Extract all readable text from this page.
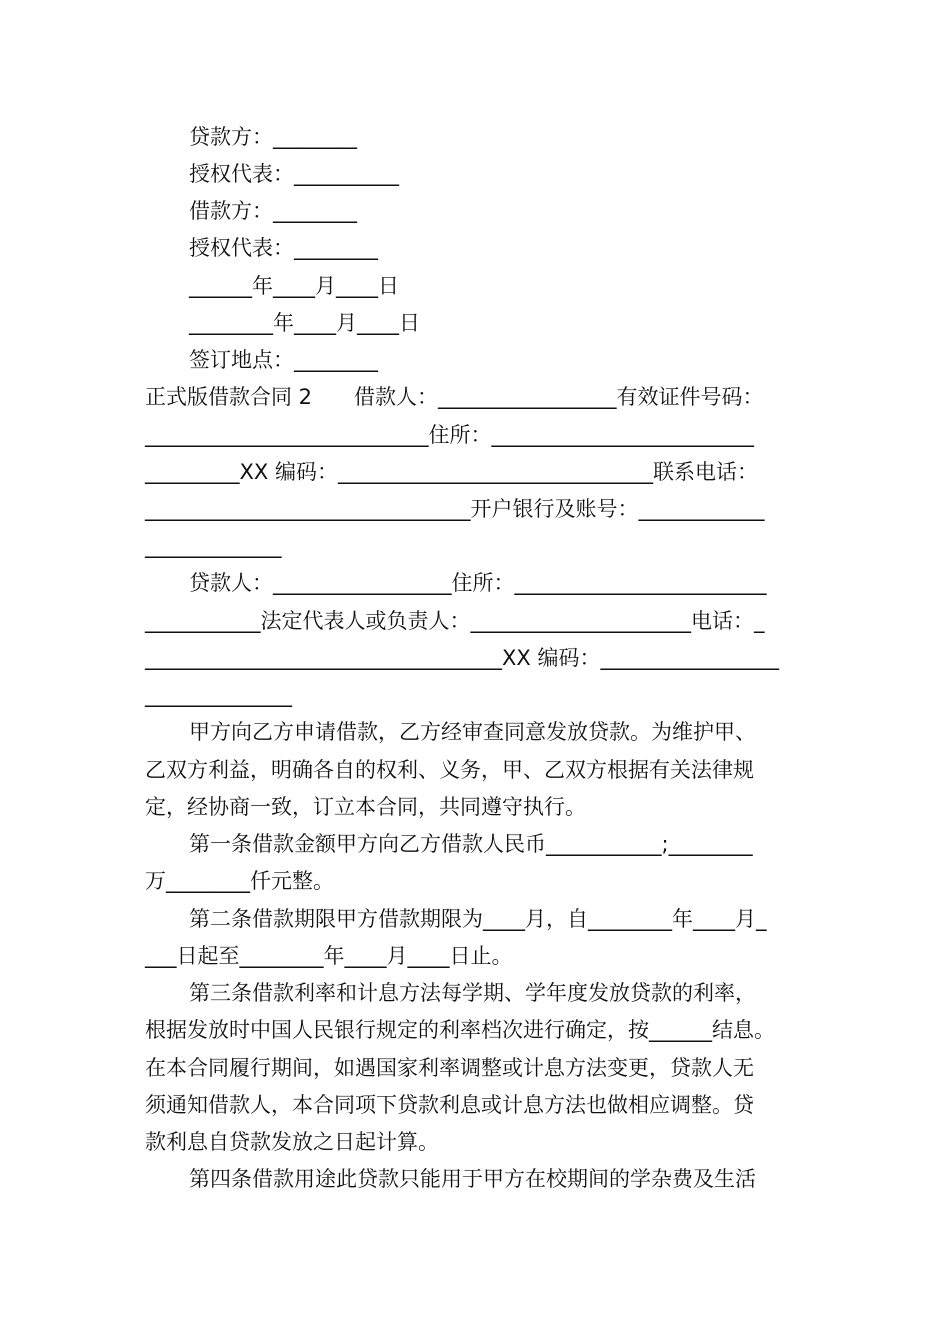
贷款方：________
授权代表：__________
借款方：________
授权代表：________
______年____月____日
________年____月____日
签订地点：________
正式版借款合同 2　　借款人：_________________有效证件号码：
___________________________住所：_________________________
_________XX 编码：______________________________联系电话：
_______________________________开户银行及账号：____________
_____________
贷款人：_________________住所：________________________
___________法定代表人或负责人：_____________________电话：_
__________________________________XX 编码：_________________
______________
甲方向乙方申请借款，乙方经审查同意发放贷款。为维护甲、
乙双方利益，明确各自的权利、义务，甲、乙双方根据有关法律规
定，经协商一致，订立本合同，共同遵守执行。
第一条借款金额甲方向乙方借款人民币___________;________
万________仟元整。
第二条借款期限甲方借款期限为____月，自________年____月_
___日起至________年____月____日止。
第三条借款利率和计息方法每学期、学年度发放贷款的利率，
根据发放时中国人民银行规定的利率档次进行确定，按______结息。
在本合同履行期间，如遇国家利率调整或计息方法变更，贷款人无
须通知借款人，本合同项下贷款利息或计息方法也做相应调整。贷
款利息自贷款发放之日起计算。
第四条借款用途此贷款只能用于甲方在校期间的学杂费及生活
